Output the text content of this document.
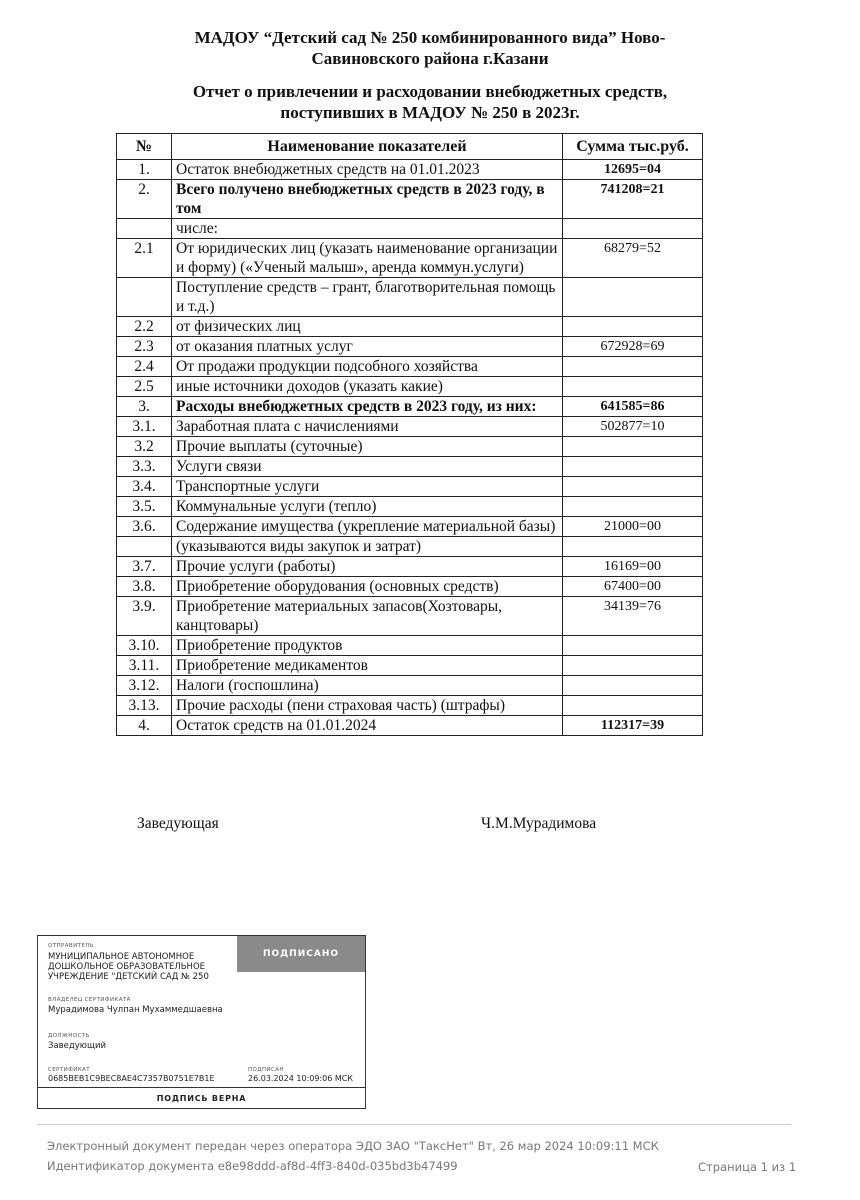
МАДОУ “Детский сад № 250 комбинированного вида” Ново-
Савиновского района г.Казани
Отчет о привлечении и расходовании внебюджетных средств,
поступивших в МАДОУ № 250 в 2023г.
№	Наименование показателей	Сумма тыс.руб.
1.	Остаток внебюджетных средств на 01.01.2023	12695=04
2.	Всего получено внебюджетных средств в 2023 году, в том	741208=21
	числе:	
2.1	От юридических лиц (указать наименование организации и форму) («Ученый малыш», аренда коммун.услуги)	68279=52
	Поступление средств – грант, благотворительная помощь и т.д.)	
2.2	от физических лиц	
2.3	от оказания платных услуг	672928=69
2.4	От продажи продукции подсобного хозяйства	
2.5	иные источники доходов (указать какие)	
3.	Расходы внебюджетных средств в 2023 году, из них:	641585=86
3.1.	Заработная плата с начислениями	502877=10
3.2	Прочие выплаты (суточные)	
3.3.	Услуги связи	
3.4.	Транспортные услуги	
3.5.	Коммунальные услуги (тепло)	
3.6.	Содержание имущества (укрепление материальной базы)	21000=00
	(указываются виды закупок и затрат)	
3.7.	Прочие услуги (работы)	16169=00
3.8.	Приобретение оборудования (основных средств)	67400=00
3.9.	Приобретение материальных запасов(Хозтовары, канцтовары)	34139=76
3.10.	Приобретение продуктов	
3.11.	Приобретение медикаментов	
3.12.	Налоги (госпошлина)	
3.13.	Прочие расходы (пени страховая часть) (штрафы)	
4.	Остаток средств на 01.01.2024	112317=39
Заведующая	Ч.М.Мурадимова
ОТПРАВИТЕЛЬ
МУНИЦИПАЛЬНОЕ АВТОНОМНОЕ
ДОШКОЛЬНОЕ ОБРАЗОВАТЕЛЬНОЕ
УЧРЕЖДЕНИЕ "ДЕТСКИЙ САД № 250
ПОДПИСАНО
ВЛАДЕЛЕЦ СЕРТИФИКАТА
Мурадимова Чулпан Мухаммедшаевна
ДОЛЖНОСТЬ
Заведующий
СЕРТИФИКАТ
0685BEB1C9BEC8AE4C7357B0751E7B1E
ПОДПИСАН
26.03.2024 10:09:06 МСК
ПОДПИСЬ ВЕРНА
Электронный документ передан через оператора ЭДО ЗАО "ТаксНет" Вт, 26 мар 2024 10:09:11 МСК
Идентификатор документа e8e98ddd-af8d-4ff3-840d-035bd3b47499	Страница 1 из 1
